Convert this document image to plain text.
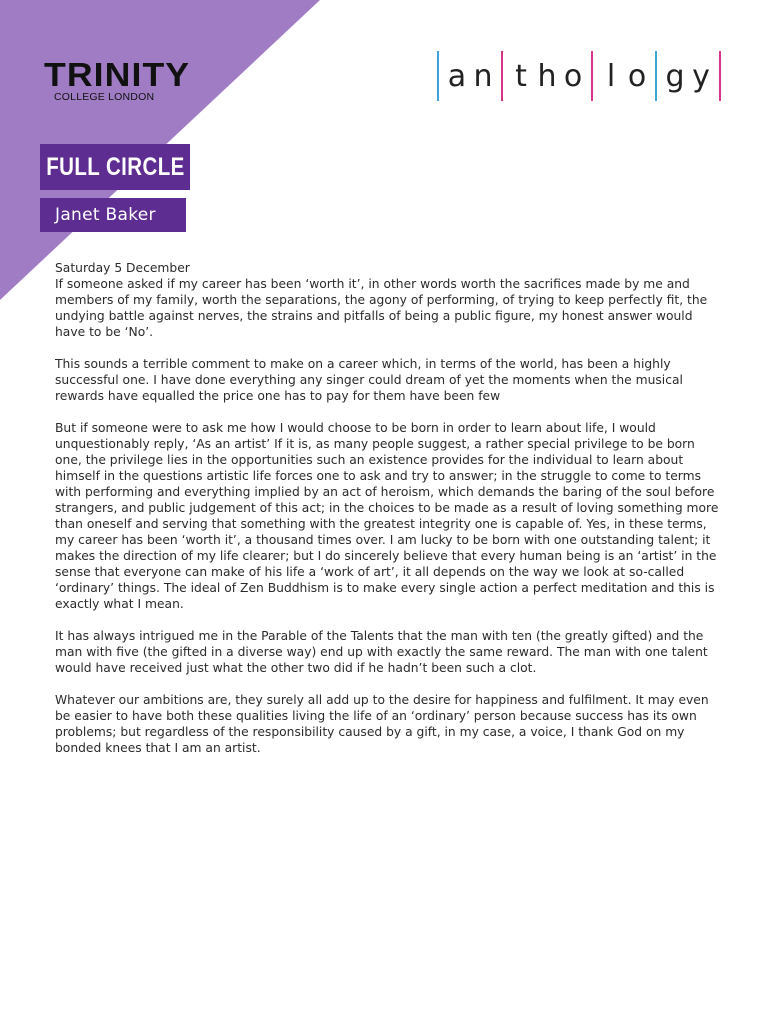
TRINITY
COLLEGE LONDON
a n t h o l o g y
FULL CIRCLE
Janet Baker

Saturday 5 December

If someone asked if my career has been ‘worth it’, in other words worth the sacrifices made by me and members of my family, worth the separations, the agony of performing, of trying to keep perfectly fit, the undying battle against nerves, the strains and pitfalls of being a public figure, my honest answer would have to be ‘No’.

This sounds a terrible comment to make on a career which, in terms of the world, has been a highly successful one. I have done everything any singer could dream of yet the moments when the musical rewards have equalled the price one has to pay for them have been few

But if someone were to ask me how I would choose to be born in order to learn about life, I would unquestionably reply, ‘As an artist’ If it is, as many people suggest, a rather special privilege to be born one, the privilege lies in the opportunities such an existence provides for the individual to learn about himself in the questions artistic life forces one to ask and try to answer; in the struggle to come to terms with performing and everything implied by an act of heroism, which demands the baring of the soul before strangers, and public judgement of this act; in the choices to be made as a result of loving something more than oneself and serving that something with the greatest integrity one is capable of. Yes, in these terms, my career has been ‘worth it’, a thousand times over. I am lucky to be born with one outstanding talent; it makes the direction of my life clearer; but I do sincerely believe that every human being is an ‘artist’ in the sense that everyone can make of his life a ‘work of art’, it all depends on the way we look at so-called ‘ordinary’ things. The ideal of Zen Buddhism is to make every single action a perfect meditation and this is exactly what I mean.

It has always intrigued me in the Parable of the Talents that the man with ten (the greatly gifted) and the man with five (the gifted in a diverse way) end up with exactly the same reward. The man with one talent would have received just what the other two did if he hadn’t been such a clot.

Whatever our ambitions are, they surely all add up to the desire for happiness and fulfilment. It may even be easier to have both these qualities living the life of an ‘ordinary’ person because success has its own problems; but regardless of the responsibility caused by a gift, in my case, a voice, I thank God on my bonded knees that I am an artist.
